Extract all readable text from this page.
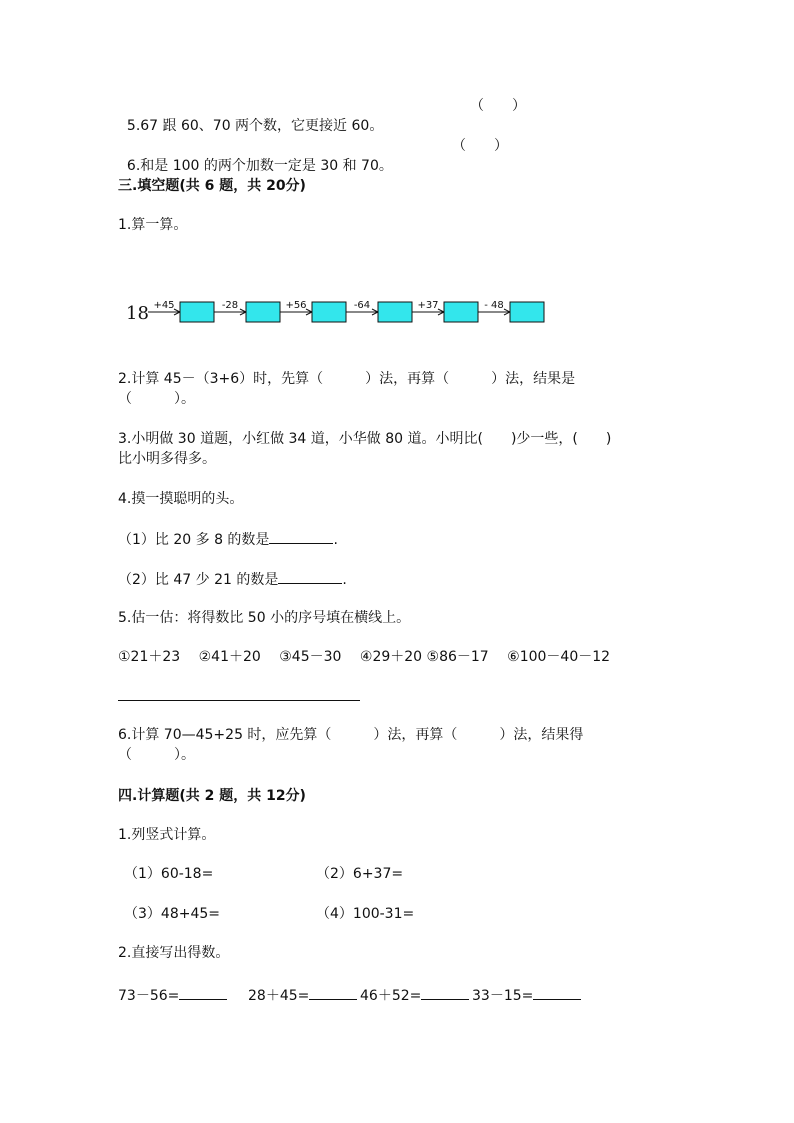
5.67 跟 60、70 两个数，它更接近 60。

（　　）

6.和是 100 的两个加数一定是 30 和 70。

（　　）
三.填空题(共 6 题，共 20分)
1.算一算。
18 +45	-28	+56	-64	+37	- 48
2.计算 45－（3+6）时，先算（　　　）法，再算（　　　）法，结果是
（　　　）。
3.小明做 30 道题，小红做 34 道，小华做 80 道。小明比(　　)少一些，(　　)
比小明多得多。
4.摸一摸聪明的头。
（1）比 20 多 8 的数是	.
（2）比 47 少 21 的数是	.
5.估一估：将得数比 50 小的序号填在横线上。
①21＋23　 ②41＋20　 ③45－30　 ④29＋20 ⑤86－17　 ⑥100－40－12
6.计算 70—45+25 时，应先算（　　　）法，再算（　　　）法，结果得
（　　　）。
四.计算题(共 2 题，共 12分)
1.列竖式计算。
（1）60-18=	（2）6+37=
（3）48+45=	（4）100-31=
2.直接写出得数。
73－56=	28＋45=	46＋52=	33－15=
